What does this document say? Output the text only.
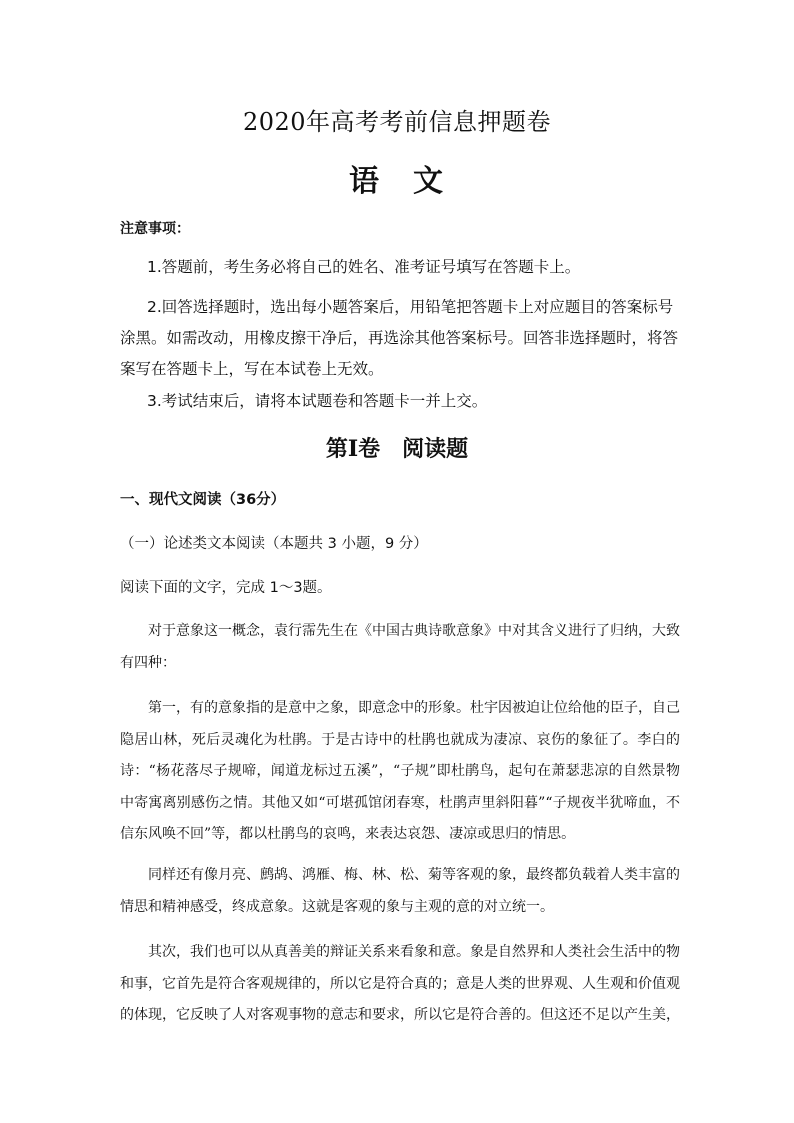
2020年高考考前信息押题卷
语　文
注意事项：
1.答题前，考生务必将自己的姓名、准考证号填写在答题卡上。
2.回答选择题时，选出每小题答案后，用铅笔把答题卡上对应题目的答案标号涂黑。如需改动，用橡皮擦干净后，再选涂其他答案标号。回答非选择题时，将答案写在答题卡上，写在本试卷上无效。
3.考试结束后，请将本试题卷和答题卡一并上交。
第Ⅰ卷　阅读题
一、现代文阅读（36分）
（一）论述类文本阅读（本题共 3 小题，9 分）
阅读下面的文字，完成 1～3题。
对于意象这一概念，袁行霈先生在《中国古典诗歌意象》中对其含义进行了归纳，大致有四种：
第一，有的意象指的是意中之象，即意念中的形象。杜宇因被迫让位给他的臣子，自己隐居山林，死后灵魂化为杜鹃。于是古诗中的杜鹃也就成为凄凉、哀伤的象征了。李白的诗：“杨花落尽子规啼，闻道龙标过五溪”，“子规”即杜鹃鸟，起句在萧瑟悲凉的自然景物中寄寓离别感伤之情。其他又如“可堪孤馆闭春寒，杜鹃声里斜阳暮”“子规夜半犹啼血，不信东风唤不回”等，都以杜鹃鸟的哀鸣，来表达哀怨、凄凉或思归的情思。
同样还有像月亮、鹧鸪、鸿雁、梅、林、松、菊等客观的象，最终都负载着人类丰富的情思和精神感受，终成意象。这就是客观的象与主观的意的对立统一。
其次，我们也可以从真善美的辩证关系来看象和意。象是自然界和人类社会生活中的物和事，它首先是符合客观规律的，所以它是符合真的；意是人类的世界观、人生观和价值观的体现，它反映了人对客观事物的意志和要求，所以它是符合善的。但这还不足以产生美，
